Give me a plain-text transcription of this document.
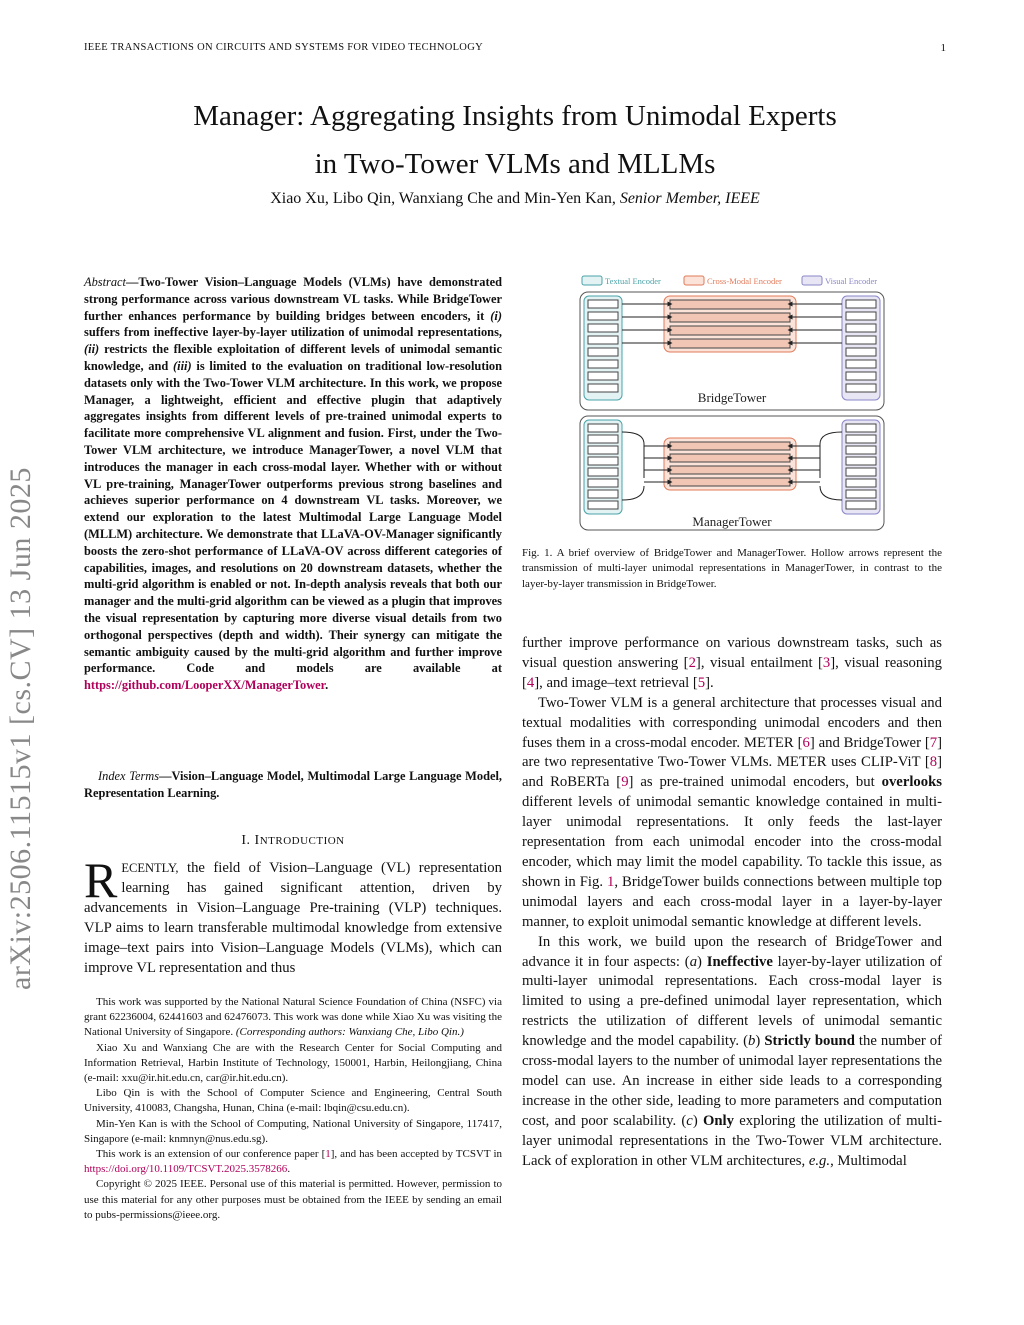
arXiv:2506.11515v1 [cs.CV] 13 Jun 2025
IEEE TRANSACTIONS ON CIRCUITS AND SYSTEMS FOR VIDEO TECHNOLOGY	1
Manager: Aggregating Insights from Unimodal Experts
in Two-Tower VLMs and MLLMs
Xiao Xu, Libo Qin, Wanxiang Che and Min-Yen Kan, Senior Member, IEEE
Abstract—Two-Tower Vision–Language Models (VLMs) have demonstrated strong performance across various downstream VL tasks. While BridgeTower further enhances performance by building bridges between encoders, it (i) suffers from ineffective layer-by-layer utilization of unimodal representations, (ii) restricts the flexible exploitation of different levels of unimodal semantic knowledge, and (iii) is limited to the evaluation on traditional low-resolution datasets only with the Two-Tower VLM architecture. In this work, we propose Manager, a lightweight, efficient and effective plugin that adaptively aggregates insights from different levels of pre-trained unimodal experts to facilitate more comprehensive VL alignment and fusion. First, under the Two-Tower VLM architecture, we introduce ManagerTower, a novel VLM that introduces the manager in each cross-modal layer. Whether with or without VL pre-training, ManagerTower outperforms previous strong baselines and achieves superior performance on 4 downstream VL tasks. Moreover, we extend our exploration to the latest Multimodal Large Language Model (MLLM) architecture. We demonstrate that LLaVA-OV-Manager significantly boosts the zero-shot performance of LLaVA-OV across different categories of capabilities, images, and resolutions on 20 downstream datasets, whether the multi-grid algorithm is enabled or not. In-depth analysis reveals that both our manager and the multi-grid algorithm can be viewed as a plugin that improves the visual representation by capturing more diverse visual details from two orthogonal perspectives (depth and width). Their synergy can mitigate the semantic ambiguity caused by the multi-grid algorithm and further improve performance. Code and models are available at https://github.com/LooperXX/ManagerTower.
Index Terms—Vision–Language Model, Multimodal Large Language Model, Representation Learning.
I. INTRODUCTION
RECENTLY, the field of Vision–Language (VL) representation learning has gained significant attention, driven by advancements in Vision–Language Pre-training (VLP) techniques. VLP aims to learn transferable multimodal knowledge from extensive image–text pairs into Vision–Language Models (VLMs), which can improve VL representation and thus

This work was supported by the National Natural Science Foundation of China (NSFC) via grant 62236004, 62441603 and 62476073. This work was done while Xiao Xu was visiting the National University of Singapore. (Corresponding authors: Wanxiang Che, Libo Qin.)

Xiao Xu and Wanxiang Che are with the Research Center for Social Computing and Information Retrieval, Harbin Institute of Technology, 150001, Harbin, Heilongjiang, China (e-mail: xxu@ir.hit.edu.cn, car@ir.hit.edu.cn).

Libo Qin is with the School of Computer Science and Engineering, Central South University, 410083, Changsha, Hunan, China (e-mail: lbqin@csu.edu.cn).

Min-Yen Kan is with the School of Computing, National University of Singapore, 117417, Singapore (e-mail: knmnyn@nus.edu.sg).

This work is an extension of our conference paper [1], and has been accepted by TCSVT in https://doi.org/10.1109/TCSVT.2025.3578266.

Copyright © 2025 IEEE. Personal use of this material is permitted. However, permission to use this material for any other purposes must be obtained from the IEEE by sending an email to pubs-permissions@ieee.org.

Textual Encoder	Cross-Modal Encoder	Visual Encoder
BridgeTower
ManagerTower
Fig. 1. A brief overview of BridgeTower and ManagerTower. Hollow arrows represent the transmission of multi-layer unimodal representations in ManagerTower, in contrast to the layer-by-layer transmission in BridgeTower.

further improve performance on various downstream tasks, such as visual question answering [2], visual entailment [3], visual reasoning [4], and image–text retrieval [5].

Two-Tower VLM is a general architecture that processes visual and textual modalities with corresponding unimodal encoders and then fuses them in a cross-modal encoder. METER [6] and BridgeTower [7] are two representative Two-Tower VLMs. METER uses CLIP-ViT [8] and RoBERTa [9] as pre-trained unimodal encoders, but overlooks different levels of unimodal semantic knowledge contained in multi-layer unimodal representations. It only feeds the last-layer representation from each unimodal encoder into the cross-modal encoder, which may limit the model capability. To tackle this issue, as shown in Fig. 1, BridgeTower builds connections between multiple top unimodal layers and each cross-modal layer in a layer-by-layer manner, to exploit unimodal semantic knowledge at different levels.

In this work, we build upon the research of BridgeTower and advance it in four aspects: (a) Ineffective layer-by-layer utilization of multi-layer unimodal representations. Each cross-modal layer is limited to using a pre-defined unimodal layer representation, which restricts the utilization of different levels of unimodal semantic knowledge and the model capability. (b) Strictly bound the number of cross-modal layers to the number of unimodal layer representations the model can use. An increase in either side leads to a corresponding increase in the other side, leading to more parameters and computation cost, and poor scalability. (c) Only exploring the utilization of multi-layer unimodal representations in the Two-Tower VLM architecture. Lack of exploration in other VLM architectures, e.g., Multimodal
